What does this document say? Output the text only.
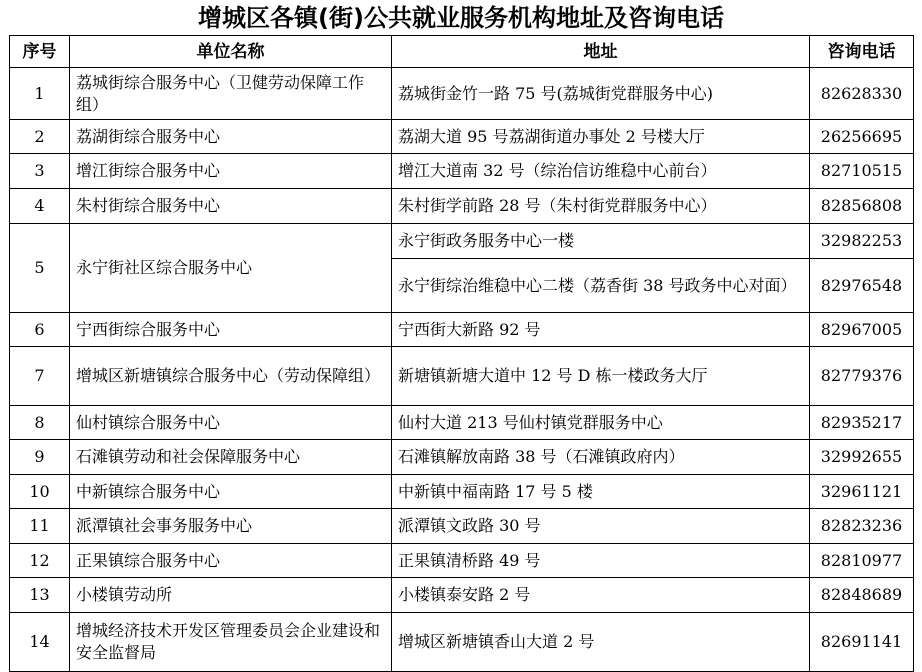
增城区各镇(街)公共就业服务机构地址及咨询电话
序号	单位名称	地址	咨询电话
1	荔城街综合服务中心（卫健劳动保障工作组）	荔城街金竹一路 75 号(荔城街党群服务中心)	82628330
2	荔湖街综合服务中心	荔湖大道 95 号荔湖街道办事处 2 号楼大厅	26256695
3	增江街综合服务中心	增江大道南 32 号（综治信访维稳中心前台）	82710515
4	朱村街综合服务中心	朱村街学前路 28 号（朱村街党群服务中心）	82856808
5	永宁街社区综合服务中心	永宁街政务服务中心一楼	32982253
		永宁街综治维稳中心二楼（荔香街 38 号政务中心对面）	82976548
6	宁西街综合服务中心	宁西街大新路 92 号	82967005
7	增城区新塘镇综合服务中心（劳动保障组）	新塘镇新塘大道中 12 号 D 栋一楼政务大厅	82779376
8	仙村镇综合服务中心	仙村大道 213 号仙村镇党群服务中心	82935217
9	石滩镇劳动和社会保障服务中心	石滩镇解放南路 38 号（石滩镇政府内）	32992655
10	中新镇综合服务中心	中新镇中福南路 17 号 5 楼	32961121
11	派潭镇社会事务服务中心	派潭镇文政路 30 号	82823236
12	正果镇综合服务中心	正果镇清桥路 49 号	82810977
13	小楼镇劳动所	小楼镇泰安路 2 号	82848689
14	增城经济技术开发区管理委员会企业建设和安全监督局	增城区新塘镇香山大道 2 号	82691141
